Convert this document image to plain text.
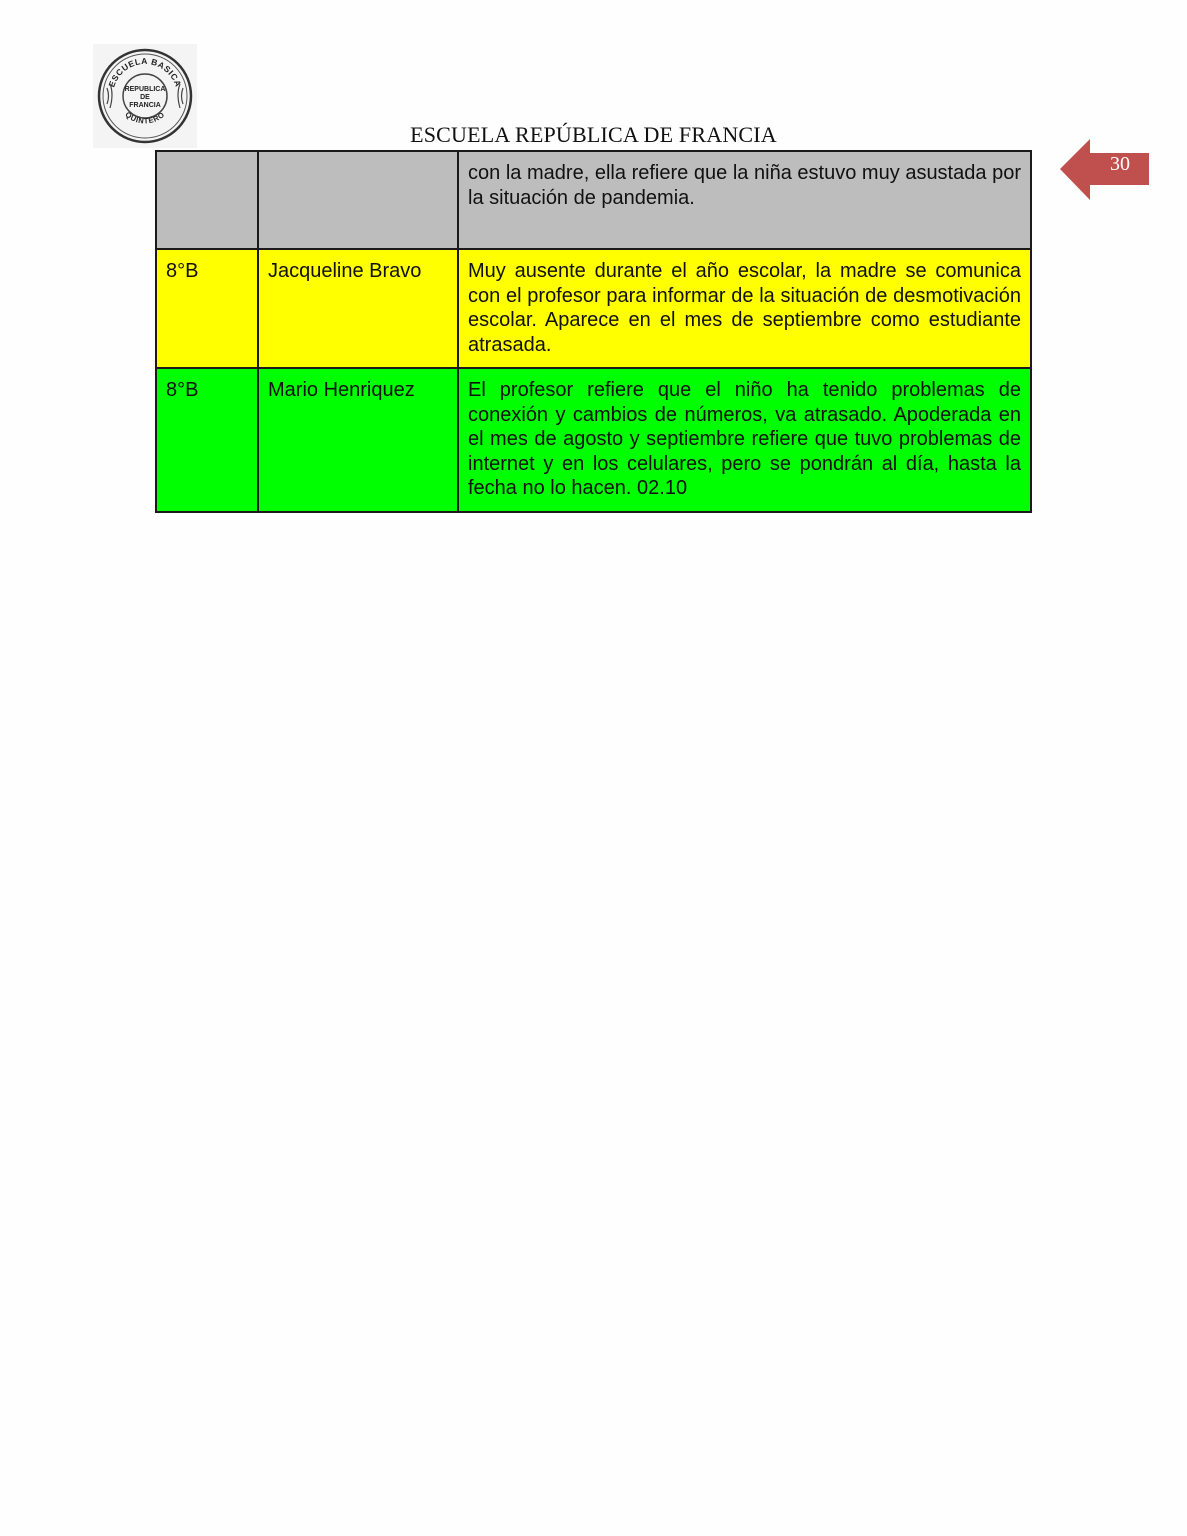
ESCUELA BASICA
QUINTERO
REPUBLICA
DE
FRANCIA
ESCUELA REPÚBLICA DE FRANCIA
30
		con la madre, ella refiere que la niña estuvo muy asustada por la situación de pandemia.
8°B	Jacqueline Bravo	Muy ausente durante el año escolar, la madre se comunica con el profesor para informar de la situación de desmotivación escolar. Aparece en el mes de septiembre como estudiante atrasada.
8°B	Mario Henriquez	El profesor refiere que el niño ha tenido problemas de conexión y cambios de números, va atrasado. Apoderada en el mes de agosto y septiembre refiere que tuvo problemas de internet y en los celulares, pero se pondrán al día, hasta la fecha no lo hacen. 02.10
